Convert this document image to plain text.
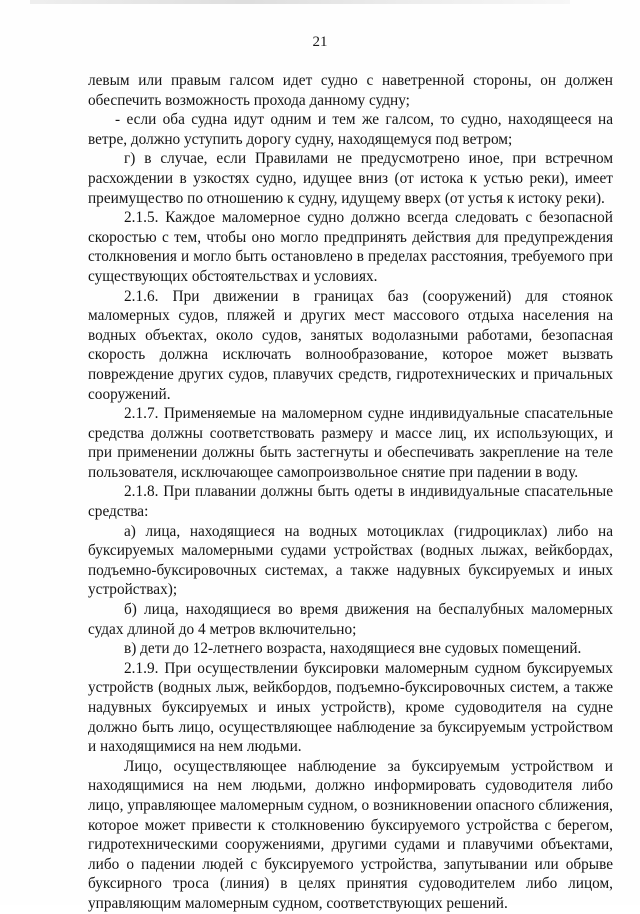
21

левым или правым галсом идет судно с наветренной стороны, он должен обеспечить возможность прохода данному судну;

- если оба судна идут одним и тем же галсом, то судно, находящееся на ветре, должно уступить дорогу судну, находящемуся под ветром;

г) в случае, если Правилами не предусмотрено иное, при встречном расхождении в узкостях судно, идущее вниз (от истока к устью реки), имеет преимущество по отношению к судну, идущему вверх (от устья к истоку реки).

2.1.5. Каждое маломерное судно должно всегда следовать с безопасной скоростью с тем, чтобы оно могло предпринять действия для предупреждения столкновения и могло быть остановлено в пределах расстояния, требуемого при существующих обстоятельствах и условиях.

2.1.6. При движении в границах баз (сооружений) для стоянок маломерных судов, пляжей и других мест массового отдыха населения на водных объектах, около судов, занятых водолазными работами, безопасная скорость должна исключать волнообразование, которое может вызвать повреждение других судов, плавучих средств, гидротехнических и причальных сооружений.

2.1.7. Применяемые на маломерном судне индивидуальные спасательные средства должны соответствовать размеру и массе лиц, их использующих, и при применении должны быть застегнуты и обеспечивать закрепление на теле пользователя, исключающее самопроизвольное снятие при падении в воду.

2.1.8. При плавании должны быть одеты в индивидуальные спасательные средства:

а) лица, находящиеся на водных мотоциклах (гидроциклах) либо на буксируемых маломерными судами устройствах (водных лыжах, вейкбордах, подъемно-буксировочных системах, а также надувных буксируемых и иных устройствах);

б) лица, находящиеся во время движения на беспалубных маломерных судах длиной до 4 метров включительно;

в) дети до 12-летнего возраста, находящиеся вне судовых помещений.

2.1.9. При осуществлении буксировки маломерным судном буксируемых устройств (водных лыж, вейкбордов, подъемно-буксировочных систем, а также надувных буксируемых и иных устройств), кроме судоводителя на судне должно быть лицо, осуществляющее наблюдение за буксируемым устройством и находящимися на нем людьми.

Лицо, осуществляющее наблюдение за буксируемым устройством и находящимися на нем людьми, должно информировать судоводителя либо лицо, управляющее маломерным судном, о возникновении опасного сближения, которое может привести к столкновению буксируемого устройства с берегом, гидротехническими сооружениями, другими судами и плавучими объектами, либо о падении людей с буксируемого устройства, запутывании или обрыве буксирного троса (линия) в целях принятия судоводителем либо лицом, управляющим маломерным судном, соответствующих решений.
